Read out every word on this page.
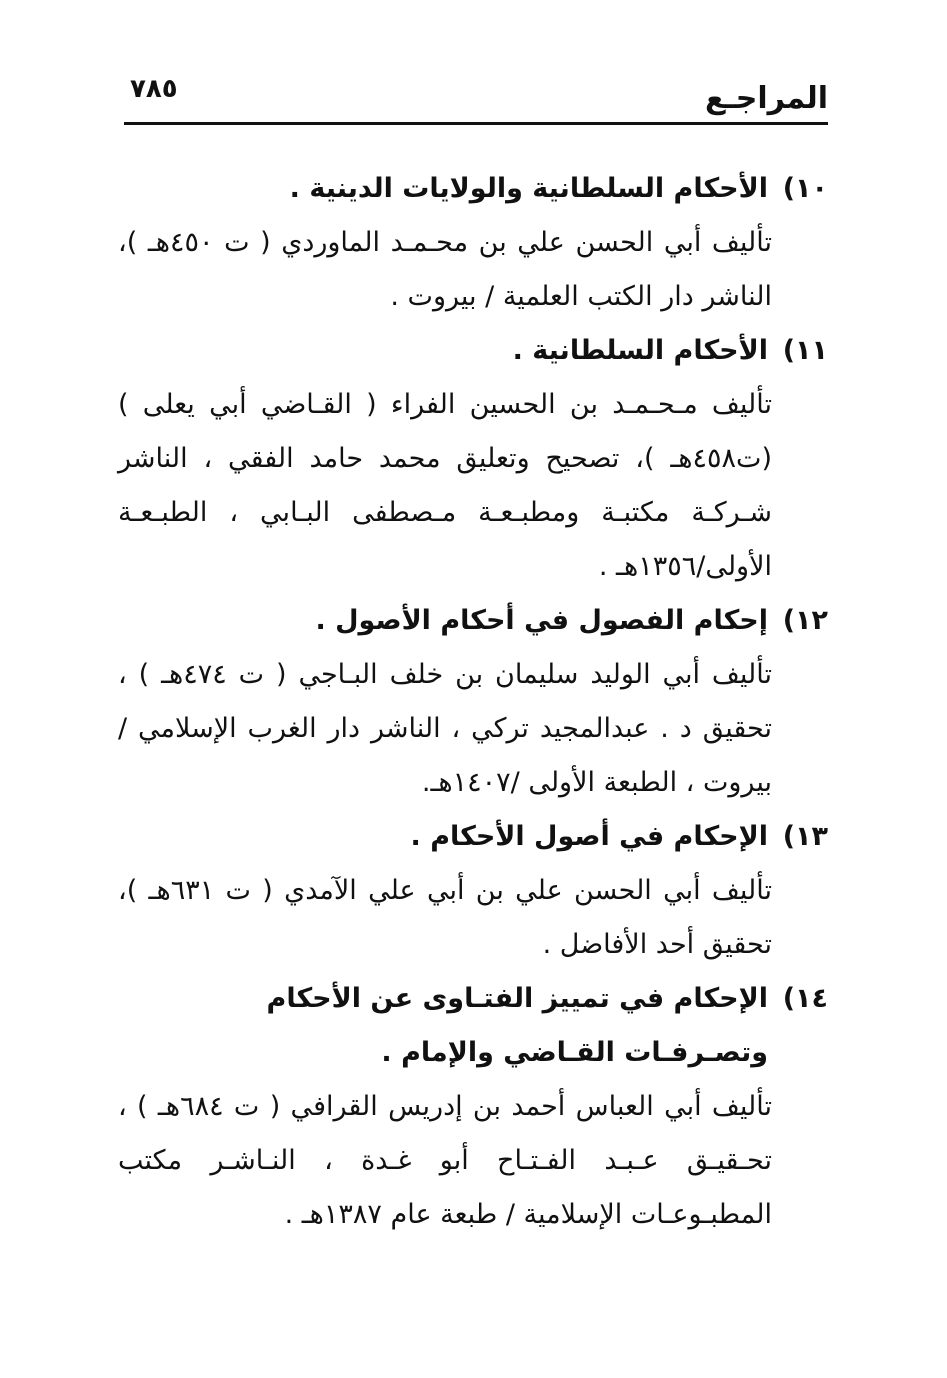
المراجـع
٧٨٥
١٠)
الأحكام السلطانية والولايات الدينية .
تأليف أبي الحسن علي بن محـمـد الماوردي ( ت ٤٥٠هـ )، الناشر دار الكتب العلمية / بيروت .
١١)
الأحكام السلطانية .
تأليف مـحـمـد بن الحسين الفراء ( القـاضي أبي يعلى ) (ت٤٥٨هـ )، تصحيح وتعليق محمد حامد الفقي ، الناشر شـركـة مكتبـة ومطبـعـة مـصطفى البـابي ، الطبـعـة الأولى/١٣٥٦هـ .
١٢)
إحكام الفصول في أحكام الأصول .
تأليف أبي الوليد سليمان بن خلف البـاجي ( ت ٤٧٤هـ ) ، تحقيق د . عبدالمجيد تركي ، الناشر دار الغرب الإسلامي / بيروت ، الطبعة الأولى /١٤٠٧هـ.
١٣)
الإحكام في أصول الأحكام .
تأليف أبي الحسن علي بن أبي علي الآمدي ( ت ٦٣١هـ )، تحقيق أحد الأفاضل .
١٤)
الإحكام في تمييز الفتـاوى عن الأحكام وتصـرفـات القـاضي والإمام .
تأليف أبي العباس أحمد بن إدريس القرافي ( ت ٦٨٤هـ ) ، تحـقيـق عـبـد الفـتـاح أبو غـدة ، النـاشـر مكتب المطبـوعـات الإسلامية / طبعة عام ١٣٨٧هـ .
